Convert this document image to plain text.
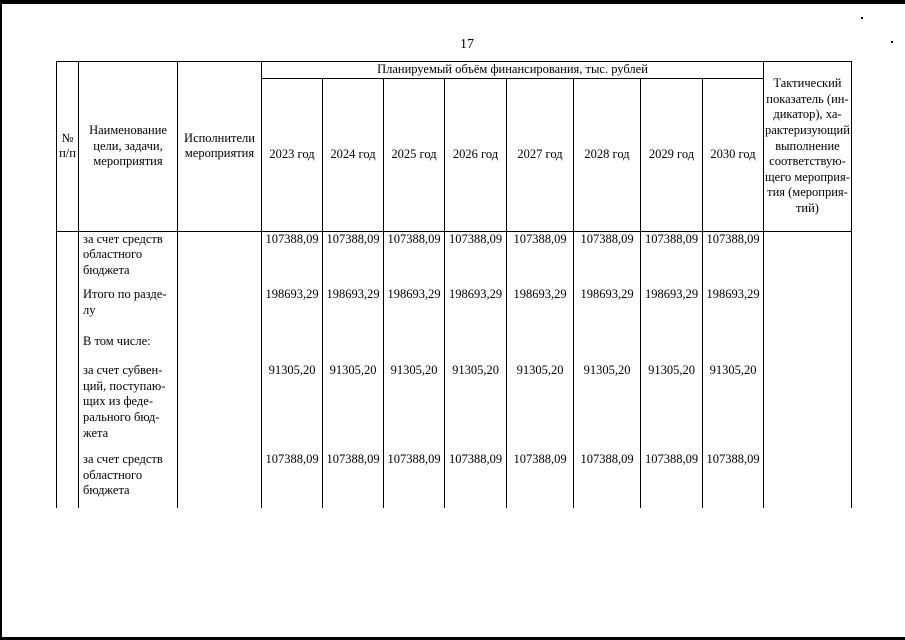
17
№ п/п	Наименование цели, задачи, мероприятия	Исполнители мероприятия	Планируемый объём финансирования, тыс. рублей								Тактический показатель (ин-дикатор), ха-рактеризующий выполнение соответствую-щего мероприя-тия (мероприя-тий)
			2023 год	2024 год	2025 год	2026 год	2027 год	2028 год	2029 год	2030 год	
	за счет средств областного бюджета		107388,09	107388,09	107388,09	107388,09	107388,09	107388,09	107388,09	107388,09	
	Итого по разде-лу		198693,29	198693,29	198693,29	198693,29	198693,29	198693,29	198693,29	198693,29	
	В том числе:										
	за счет субвен-ций, поступаю-щих из феде-рального бюд-жета		91305,20	91305,20	91305,20	91305,20	91305,20	91305,20	91305,20	91305,20	
	за счет средств областного бюджета		107388,09	107388,09	107388,09	107388,09	107388,09	107388,09	107388,09	107388,09	
